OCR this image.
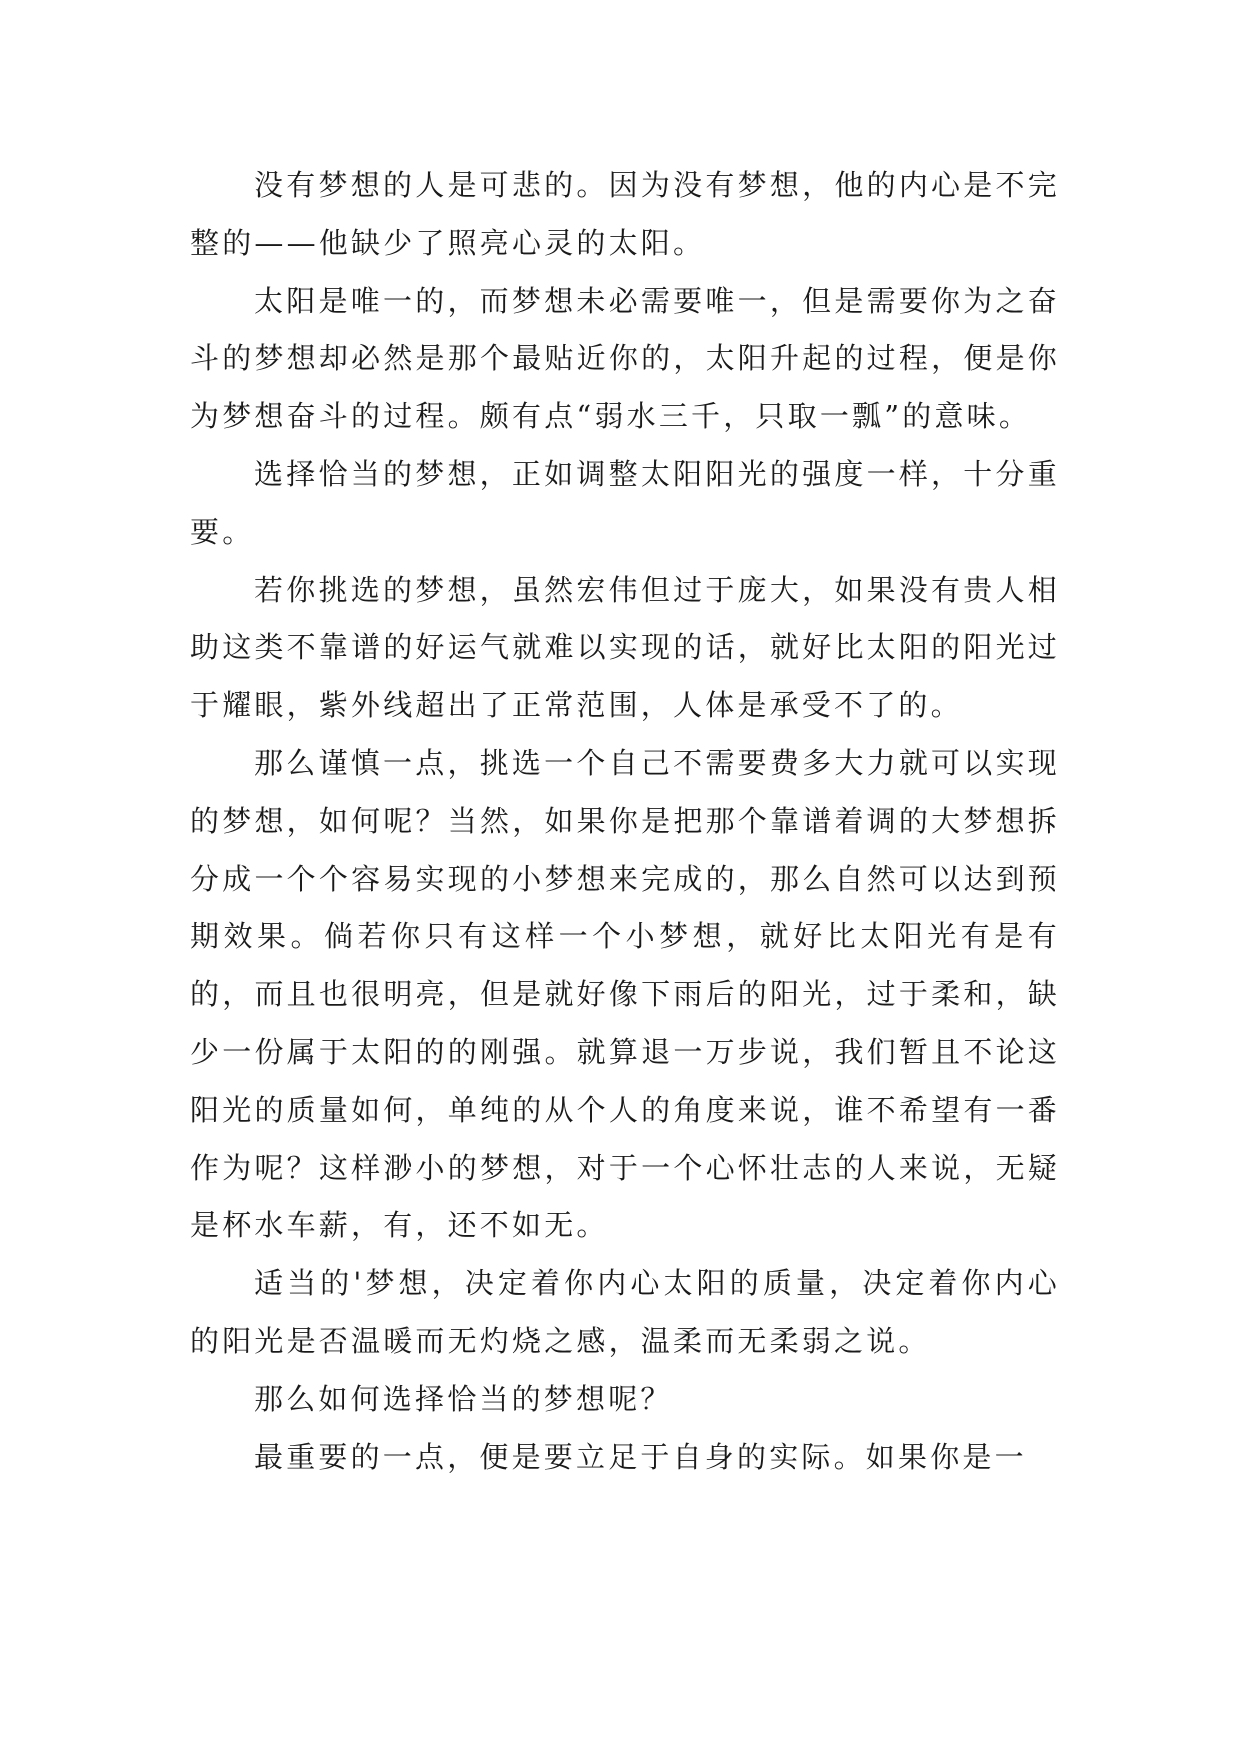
没有梦想的人是可悲的。因为没有梦想，他的内心是不完整的——他缺少了照亮心灵的太阳。

太阳是唯一的，而梦想未必需要唯一，但是需要你为之奋斗的梦想却必然是那个最贴近你的，太阳升起的过程，便是你为梦想奋斗的过程。颇有点“弱水三千，只取一瓢”的意味。

选择恰当的梦想，正如调整太阳阳光的强度一样，十分重要。

若你挑选的梦想，虽然宏伟但过于庞大，如果没有贵人相助这类不靠谱的好运气就难以实现的话，就好比太阳的阳光过于耀眼，紫外线超出了正常范围，人体是承受不了的。

那么谨慎一点，挑选一个自己不需要费多大力就可以实现的梦想，如何呢？当然，如果你是把那个靠谱着调的大梦想拆分成一个个容易实现的小梦想来完成的，那么自然可以达到预期效果。倘若你只有这样一个小梦想，就好比太阳光有是有的，而且也很明亮，但是就好像下雨后的阳光，过于柔和，缺少一份属于太阳的的刚强。就算退一万步说，我们暂且不论这阳光的质量如何，单纯的从个人的角度来说，谁不希望有一番作为呢？这样渺小的梦想，对于一个心怀壮志的人来说，无疑是杯水车薪，有，还不如无。

适当的'梦想，决定着你内心太阳的质量，决定着你内心的阳光是否温暖而无灼烧之感，温柔而无柔弱之说。

那么如何选择恰当的梦想呢？

最重要的一点，便是要立足于自身的实际。如果你是一
